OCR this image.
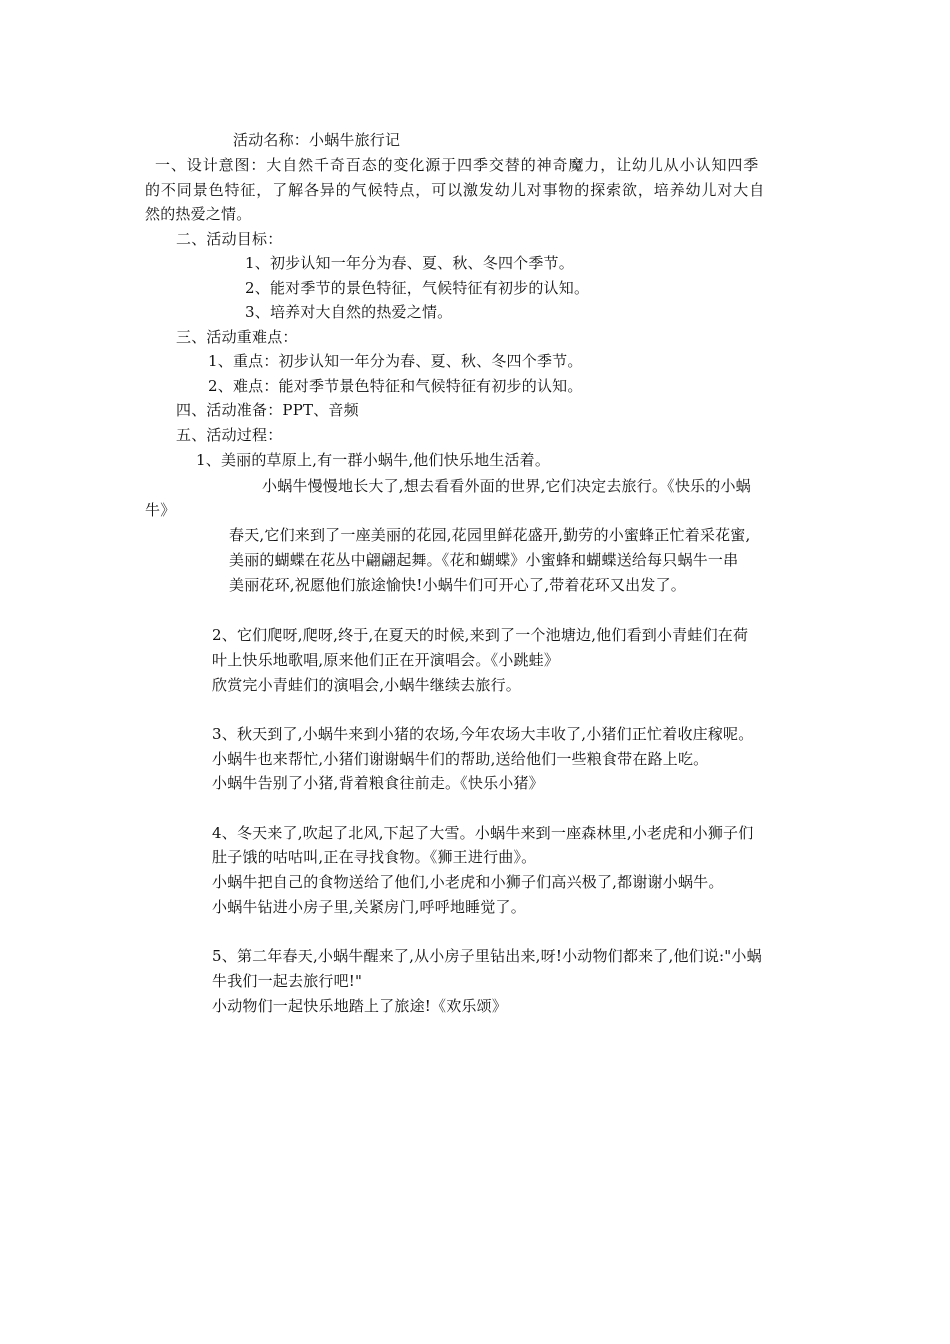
活动名称：小蜗牛旅行记
一、设计意图：大自然千奇百态的变化源于四季交替的神奇魔力，让幼儿从小认知四季
的不同景色特征，了解各异的气候特点，可以激发幼儿对事物的探索欲，培养幼儿对大自
然的热爱之情。
二、活动目标：
1、初步认知一年分为春、夏、秋、冬四个季节。
2、能对季节的景色特征，气候特征有初步的认知。
3、培养对大自然的热爱之情。
三、活动重难点：
1、重点：初步认知一年分为春、夏、秋、冬四个季节。
2、难点：能对季节景色特征和气候特征有初步的认知。
四、活动准备：PPT、音频
五、活动过程：
1、美丽的草原上,有一群小蜗牛,他们快乐地生活着。
小蜗牛慢慢地长大了,想去看看外面的世界,它们决定去旅行。《快乐的小蜗
牛》
春天,它们来到了一座美丽的花园,花园里鲜花盛开,勤劳的小蜜蜂正忙着采花蜜,
美丽的蝴蝶在花丛中翩翩起舞。《花和蝴蝶》小蜜蜂和蝴蝶送给每只蜗牛一串
美丽花环,祝愿他们旅途愉快!小蜗牛们可开心了,带着花环又出发了。
2、它们爬呀,爬呀,终于,在夏天的时候,来到了一个池塘边,他们看到小青蛙们在荷
叶上快乐地歌唱,原来他们正在开演唱会。《小跳蛙》
欣赏完小青蛙们的演唱会,小蜗牛继续去旅行。
3、秋天到了,小蜗牛来到小猪的农场,今年农场大丰收了,小猪们正忙着收庄稼呢。
小蜗牛也来帮忙,小猪们谢谢蜗牛们的帮助,送给他们一些粮食带在路上吃。
小蜗牛告别了小猪,背着粮食往前走。《快乐小猪》
4、冬天来了,吹起了北风,下起了大雪。小蜗牛来到一座森林里,小老虎和小狮子们
肚子饿的咕咕叫,正在寻找食物。《狮王进行曲》。
小蜗牛把自己的食物送给了他们,小老虎和小狮子们高兴极了,都谢谢小蜗牛。
小蜗牛钻进小房子里,关紧房门,呼呼地睡觉了。
5、第二年春天,小蜗牛醒来了,从小房子里钻出来,呀!小动物们都来了,他们说:"小蜗
牛我们一起去旅行吧!"
小动物们一起快乐地踏上了旅途!《欢乐颂》
